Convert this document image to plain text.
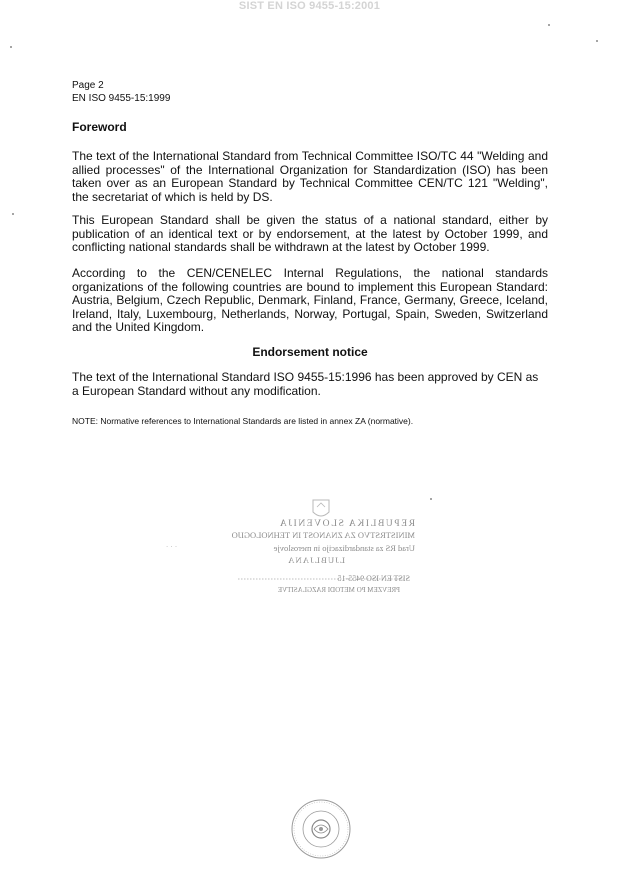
SIST EN ISO 9455-15:2001
Page 2
EN ISO 9455-15:1999
Foreword
The text of the International Standard from Technical Committee ISO/TC 44 "Welding and allied processes" of the International Organization for Standardization (ISO) has been taken over as an European Standard by Technical Committee CEN/TC 121 "Welding", the secretariat of which is held by DS.
This European Standard shall be given the status of a national standard, either by publication of an identical text or by endorsement, at the latest by October 1999, and conflicting national standards shall be withdrawn at the latest by October 1999.
According to the CEN/CENELEC Internal Regulations, the national standards organizations of the following countries are bound to implement this European Standard: Austria, Belgium, Czech Republic, Denmark, Finland, France, Germany, Greece, Iceland, Ireland, Italy, Luxembourg, Netherlands, Norway, Portugal, Spain, Sweden, Switzerland and the United Kingdom.
Endorsement notice
The text of the International Standard ISO 9455-15:1996 has been approved by CEN as a European Standard without any modification.
NOTE: Normative references to International Standards are listed in annex ZA (normative).
. . .
REPUBLIKA SLOVENIJA
MINISTRSTVO ZA ZNANOST IN TEHNOLOGIJO
Urad RS za standardizacijo in meroslovje
LJUBLJANA
SIST EN ISO 9455-15
PREVZEM PO METODI RAZGLASITVE
